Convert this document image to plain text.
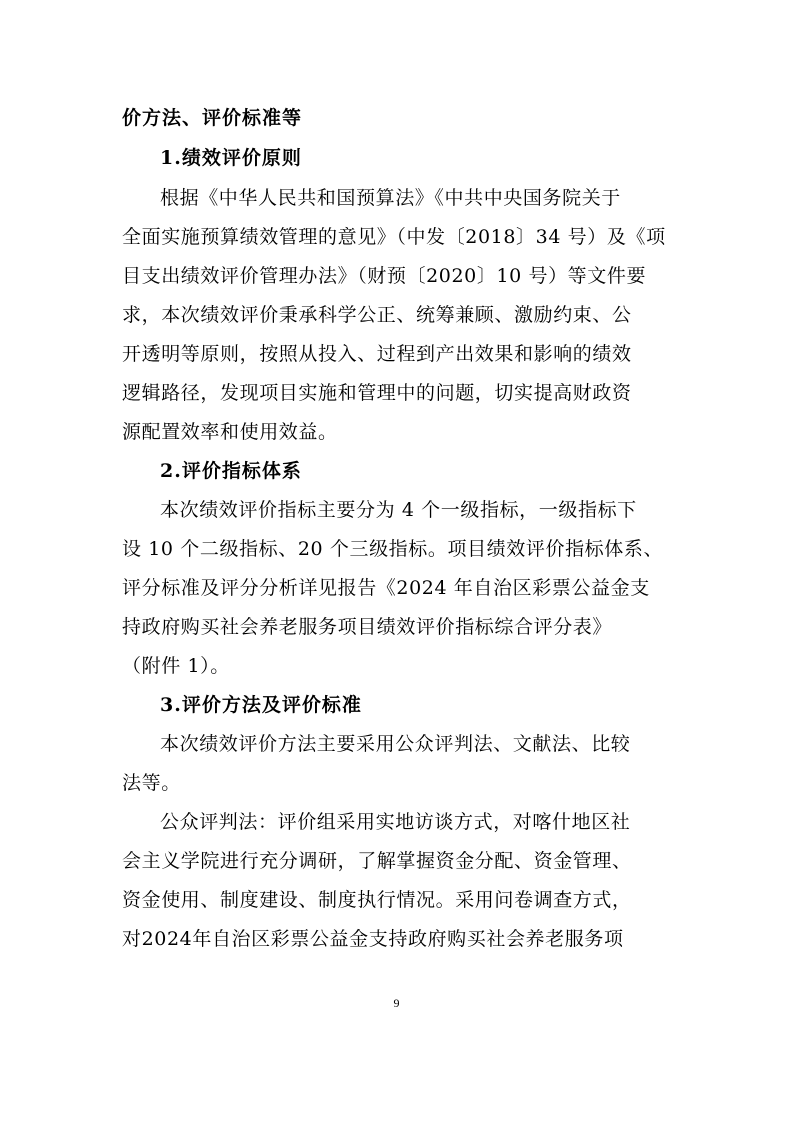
价方法、评价标准等
1.绩效评价原则
根据《中华人民共和国预算法》《中共中央国务院关于
全面实施预算绩效管理的意见》（中发〔2018〕34 号）及《项
目支出绩效评价管理办法》（财预〔2020〕10 号）等文件要
求，本次绩效评价秉承科学公正、统筹兼顾、激励约束、公
开透明等原则，按照从投入、过程到产出效果和影响的绩效
逻辑路径，发现项目实施和管理中的问题，切实提高财政资
源配置效率和使用效益。
2.评价指标体系
本次绩效评价指标主要分为 4 个一级指标，一级指标下
设 10 个二级指标、20 个三级指标。项目绩效评价指标体系、
评分标准及评分分析详见报告《2024 年自治区彩票公益金支
持政府购买社会养老服务项目绩效评价指标综合评分表》
（附件 1）。
3.评价方法及评价标准
本次绩效评价方法主要采用公众评判法、文献法、比较
法等。
公众评判法：评价组采用实地访谈方式，对喀什地区社
会主义学院进行充分调研，了解掌握资金分配、资金管理、
资金使用、制度建设、制度执行情况。采用问卷调查方式，
对2024年自治区彩票公益金支持政府购买社会养老服务项
9
